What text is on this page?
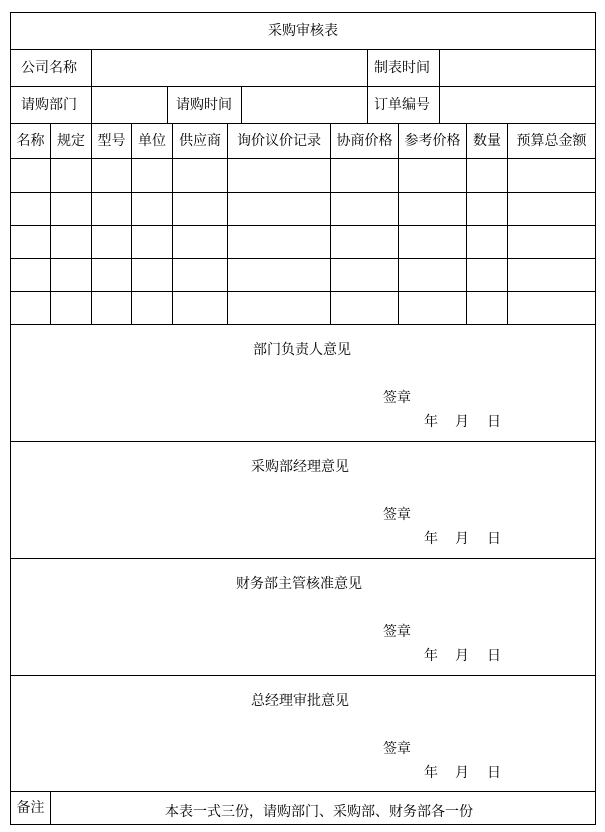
采购审核表
公司名称	制表时间
请购部门	请购时间	订单编号
名称 规定 型号 单位 供应商 询价议价记录 协商价格 参考价格 数量 预算总金额
部门负责人意见
签章
年 月 日
采购部经理意见
签章
年 月 日
财务部主管核准意见
签章
年 月 日
总经理审批意见
签章
年 月 日
备注	本表一式三份，请购部门、采购部、财务部各一份
